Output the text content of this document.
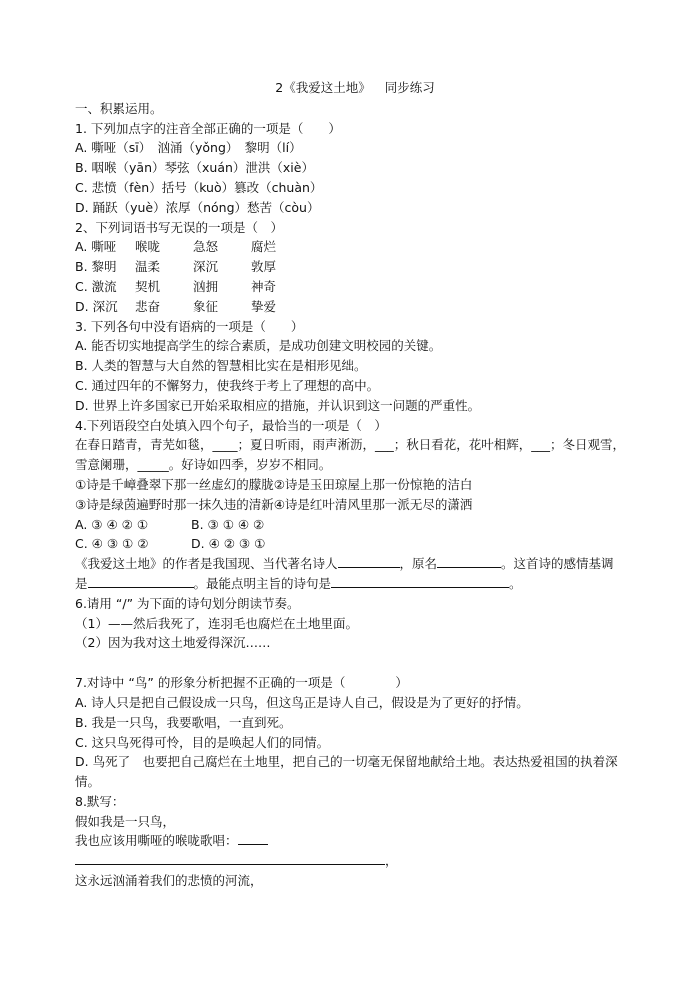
2《我爱这土地》 同步练习
一、积累运用。
1. 下列加点字的注音全部正确的一项是（　　）
A. 嘶哑（sī）　汹涌（yǒng）　黎明（lí）
B. 咽喉（yān）琴弦（xuán）泄洪（xiè）
C. 悲愤（fèn）括号（kuò）篡改（chuàn）
D. 踊跃（yuè）浓厚（nóng）愁苦（còu）
2、下列词语书写无误的一项是（　）
A. 嘶哑 喉咙	急怒	腐烂
B. 黎明 温柔	深沉	敦厚
C. 激流 契机	汹拥	神奇
D. 深沉 悲奋	象征	挚爱
3. 下列各句中没有语病的一项是（　　）
A. 能否切实地提高学生的综合素质，是成功创建文明校园的关键。
B. 人类的智慧与大自然的智慧相比实在是相形见绌。
C. 通过四年的不懈努力，使我终于考上了理想的高中。
D. 世界上许多国家已开始采取相应的措施，并认识到这一问题的严重性。
4.下列语段空白处填入四个句子，最恰当的一项是（　）
在春日踏青，青芜如毯，____；夏日听雨，雨声淅沥，___；秋日看花，花叶相辉，___；冬日观雪，雪意阑珊，_____。好诗如四季，岁岁不相同。
①诗是千嶂叠翠下那一丝虚幻的朦胧②诗是玉田琼屋上那一份惊艳的洁白
③诗是绿茵遍野时那一抹久违的清新④诗是红叶清风里那一派无尽的潇洒
A. ③ ④ ② ①	B. ③ ① ④ ②
C. ④ ③ ① ②	D. ④ ② ③ ①
《我爱这土地》的作者是我国现、当代著名诗人	，原名	。这首诗的感情基调
是	。最能点明主旨的诗句是	。
6.请用 “/” 为下面的诗句划分朗读节奏。
（1）——然后我死了，连羽毛也腐烂在土地里面。
（2）因为我对这土地爱得深沉……
7.对诗中 “鸟” 的形象分析把握不正确的一项是（　　　　）
A. 诗人只是把自己假设成一只鸟，但这鸟正是诗人自己，假设是为了更好的抒情。
B. 我是一只鸟，我要歌唱，一直到死。
C. 这只鸟死得可怜，目的是唤起人们的同情。
D. 鸟死了　也要把自己腐烂在土地里，把自己的一切毫无保留地献给土地。表达热爱祖国的执着深情。
8.默写：
假如我是一只鸟，
我也应该用嘶哑的喉咙歌唱：
，
这永远汹涌着我们的悲愤的河流，
